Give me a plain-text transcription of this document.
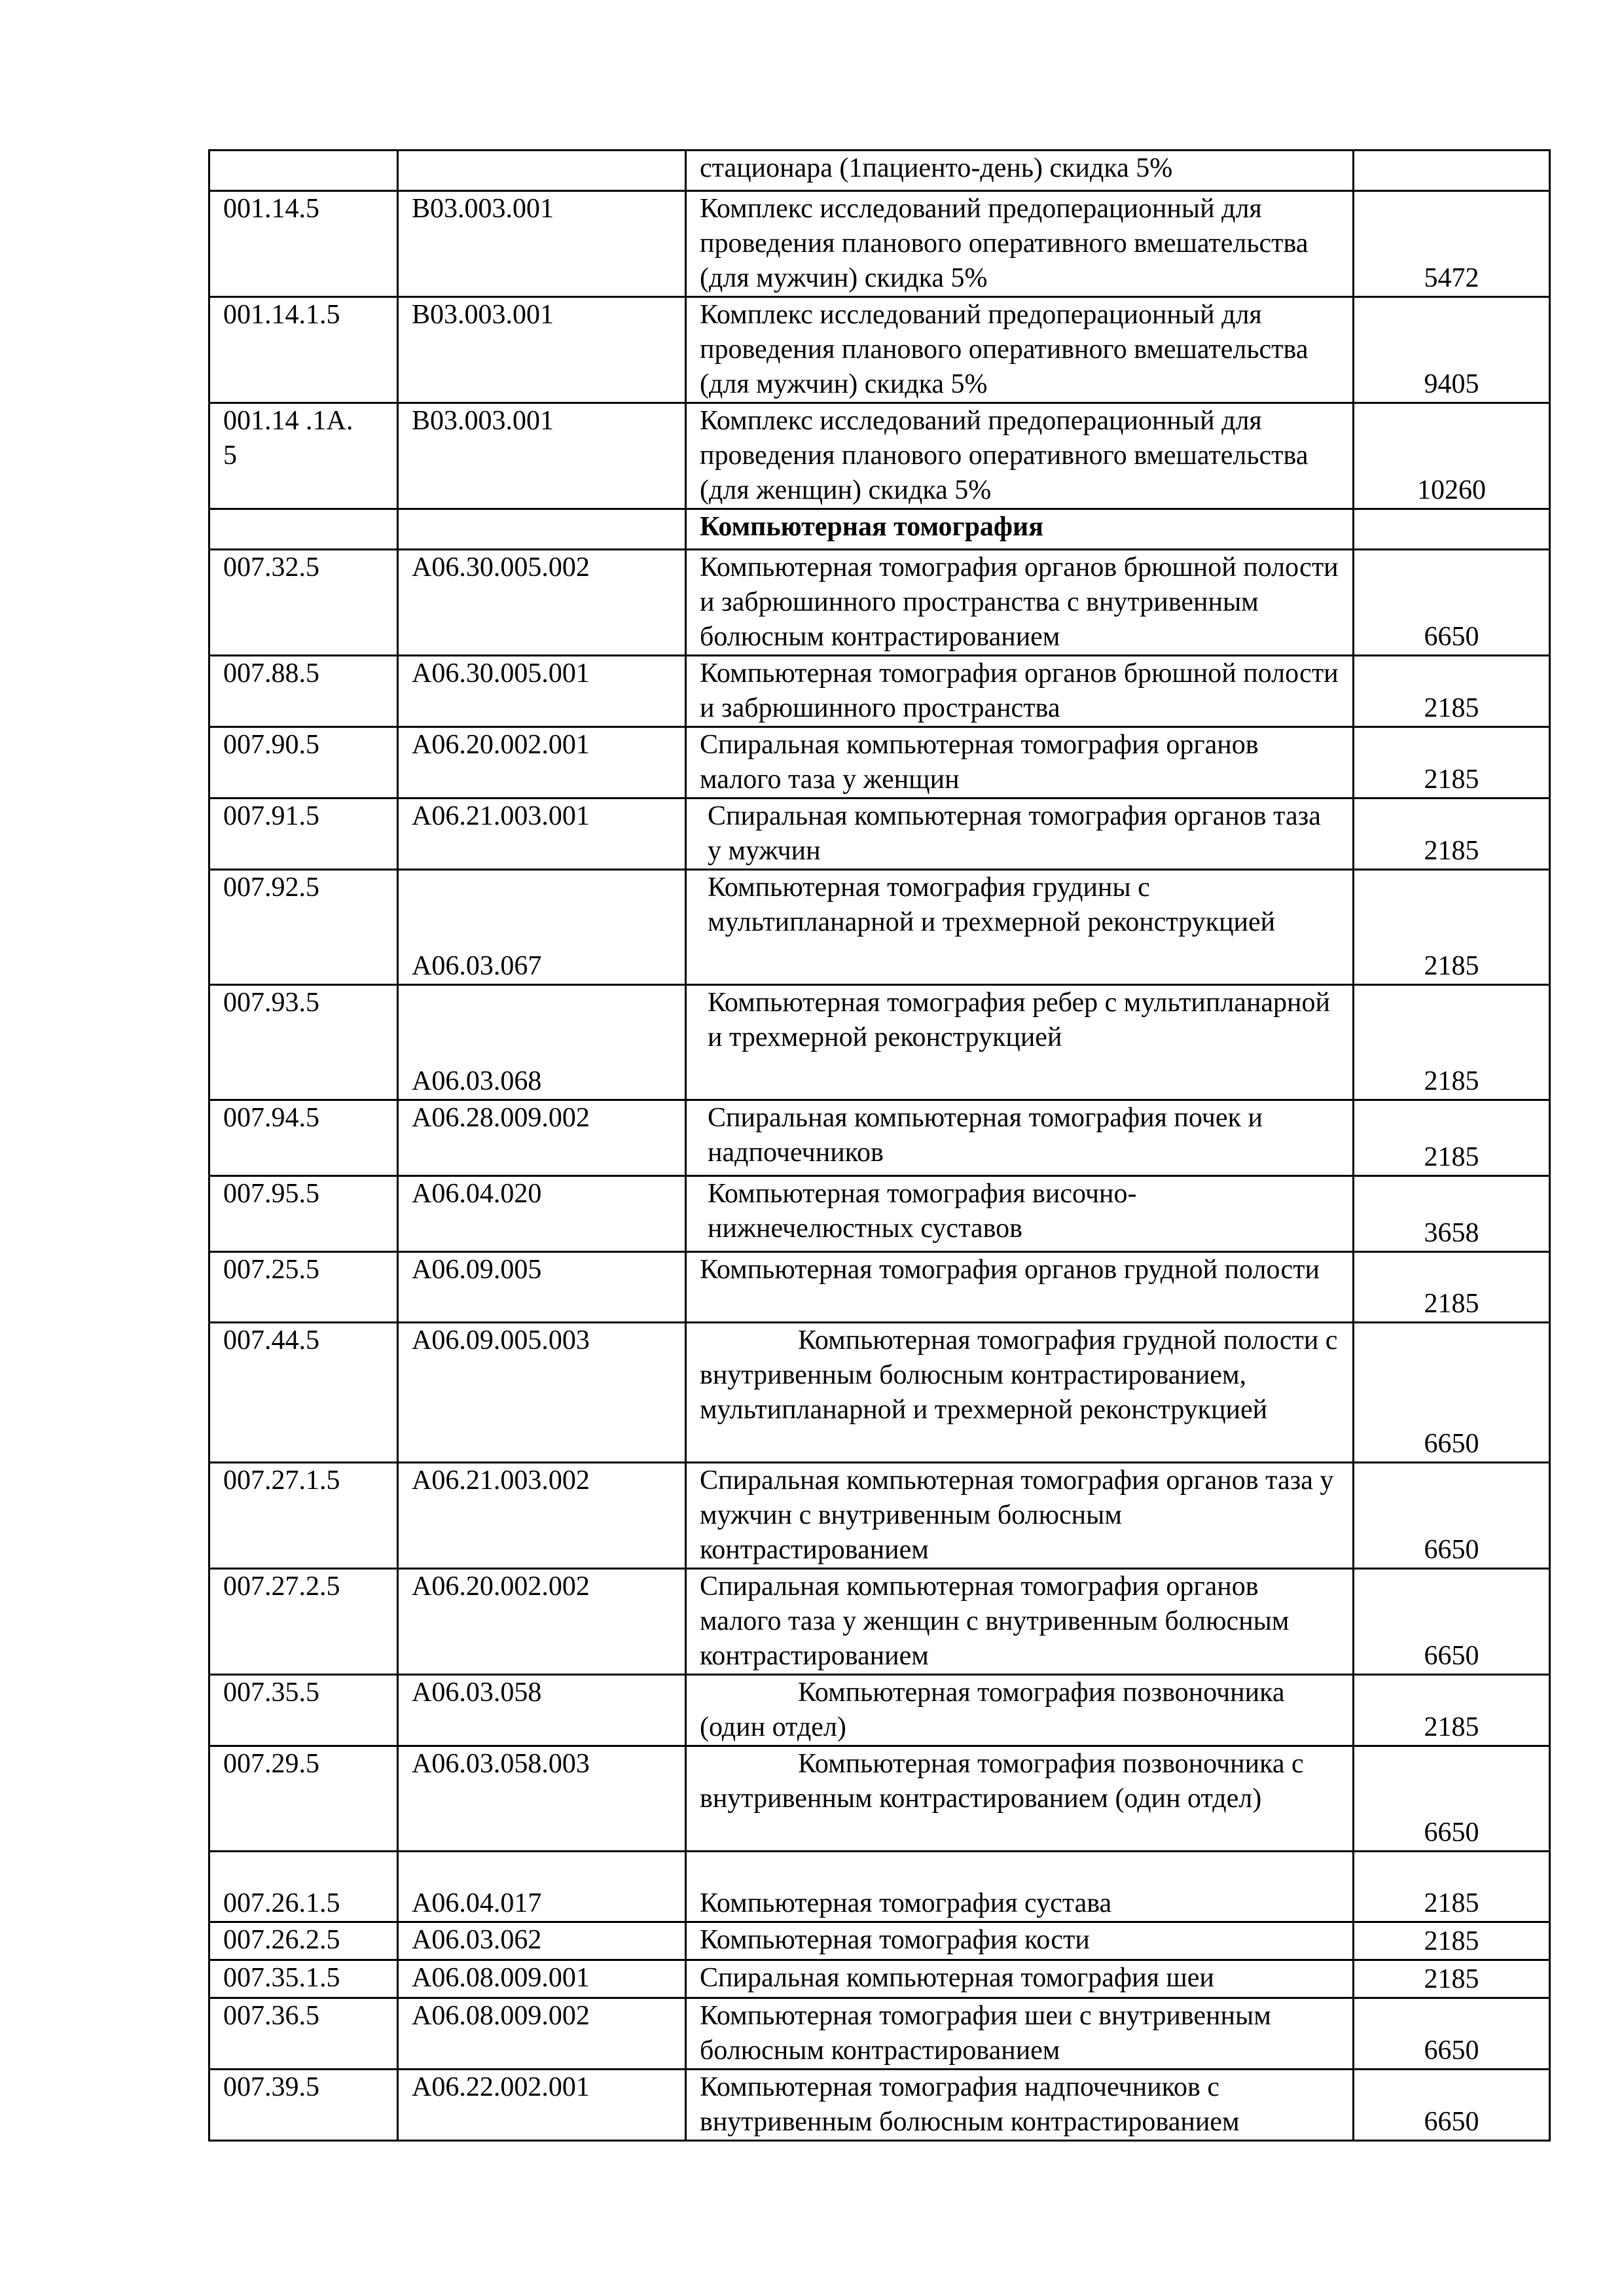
		стационара (1пациенто-день) скидка 5%	
001.14.5	B03.003.001	Комплекс исследований предоперационный для проведения планового оперативного вмешательства (для мужчин) скидка 5%	5472
001.14.1.5	B03.003.001	Комплекс исследований предоперационный для проведения планового оперативного вмешательства (для мужчин) скидка 5%	9405
001.14 .1А.5	B03.003.001	Комплекс исследований предоперационный для проведения планового оперативного вмешательства (для женщин) скидка 5%	10260
		Компьютерная томография	
007.32.5	А06.30.005.002	Компьютерная томография органов брюшной полости и забрюшинного пространства с внутривенным болюсным контрастированием	6650
007.88.5	А06.30.005.001	Компьютерная томография органов брюшной полости и забрюшинного пространства	2185
007.90.5	А06.20.002.001	Спиральная компьютерная томография органов малого таза у женщин	2185
007.91.5	А06.21.003.001	Спиральная компьютерная томография органов таза у мужчин	2185
007.92.5	А06.03.067	Компьютерная томография грудины с мультипланарной и трехмерной реконструкцией	2185
007.93.5	А06.03.068	Компьютерная томография ребер с мультипланарной и трехмерной реконструкцией	2185
007.94.5	А06.28.009.002	Спиральная компьютерная томография почек и надпочечников	2185
007.95.5	А06.04.020	Компьютерная томография височно-нижнечелюстных суставов	3658
007.25.5	А06.09.005	Компьютерная томография органов грудной полости	2185
007.44.5	А06.09.005.003	Компьютерная томография грудной полости с внутривенным болюсным контрастированием, мультипланарной и трехмерной реконструкцией	6650
007.27.1.5	А06.21.003.002	Спиральная компьютерная томография органов таза у мужчин с внутривенным болюсным контрастированием	6650
007.27.2.5	А06.20.002.002	Спиральная компьютерная томография органов малого таза у женщин с внутривенным болюсным контрастированием	6650
007.35.5	А06.03.058	Компьютерная томография позвоночника (один отдел)	2185
007.29.5	А06.03.058.003	Компьютерная томография позвоночника с внутривенным контрастированием (один отдел)	6650
007.26.1.5	А06.04.017	Компьютерная томография сустава	2185
007.26.2.5	А06.03.062	Компьютерная томография кости	2185
007.35.1.5	А06.08.009.001	Спиральная компьютерная томография шеи	2185
007.36.5	А06.08.009.002	Компьютерная томография шеи с внутривенным болюсным контрастированием	6650
007.39.5	А06.22.002.001	Компьютерная томография надпочечников с внутривенным болюсным контрастированием	6650
